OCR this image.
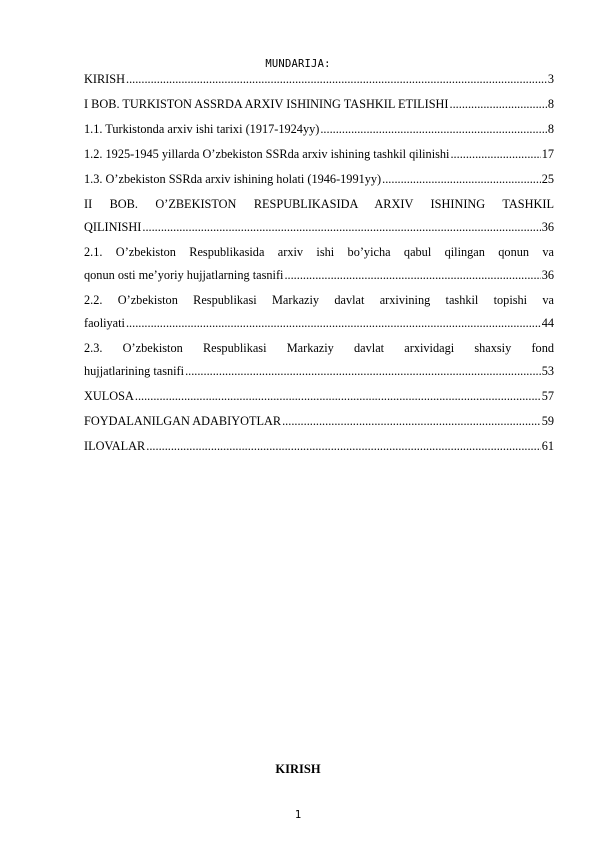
MUNDARIJA:
KIRISH .....	3
I BOB. TURKISTON ASSRDA ARXIV ISHINING TASHKIL ETILISHI .....	8
1.1. Turkistonda arxiv ishi tarixi (1917-1924yy) .....	8
1.2. 1925-1945 yillarda O’zbekiston SSRda arxiv ishining tashkil qilinishi .....	17
1.3. O’zbekiston SSRda arxiv ishining holati (1946-1991yy) .....	25
II BOB. O’ZBEKISTON RESPUBLIKASIDA ARXIV ISHINING TASHKIL
QILINISHI .....	36
2.1. O’zbekiston Respublikasida arxiv ishi bo’yicha qabul qilingan qonun va
qonun osti me’yoriy hujjatlarning tasnifi .....	36
2.2. O’zbekiston Respublikasi Markaziy davlat arxivining tashkil topishi va
faoliyati .....	44
2.3. O’zbekiston Respublikasi Markaziy davlat arxividagi shaxsiy fond
hujjatlarining tasnifi .....	53
XULOSA .....	57
FOYDALANILGAN ADABIYOTLAR .....	59
ILOVALAR .....	61
KIRISH
1
